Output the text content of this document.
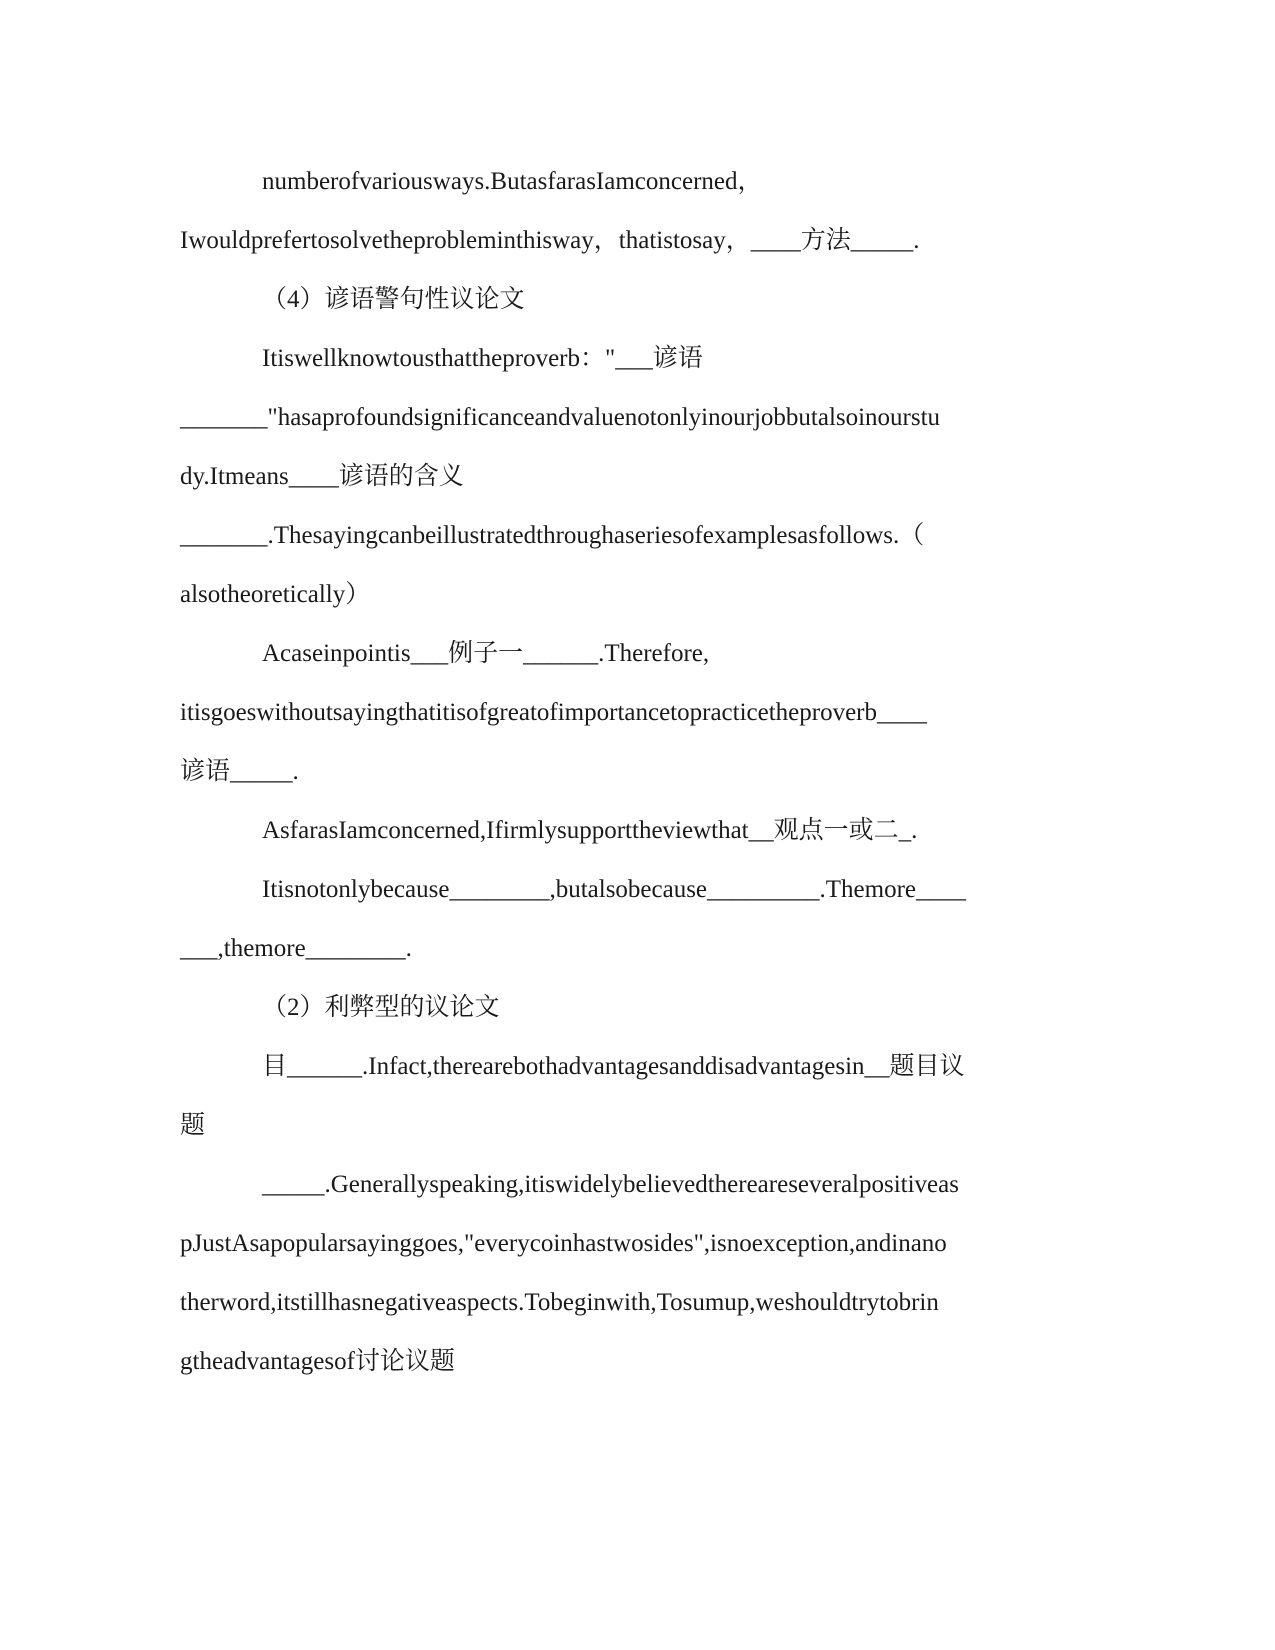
numberofvariousways.ButasfarasIamconcerned，
Iwouldprefertosolvetheprobleminthisway，thatistosay，____方法_____.
（4）谚语警句性议论文
Itiswellknowtousthattheproverb："___谚语
_______"hasaprofoundsignificanceandvaluenotonlyinourjobbutalsoinourstu
dy.Itmeans____谚语的含义
_______.Thesayingcanbeillustratedthroughaseriesofexamplesasfollows.（
alsotheoretically）
Acaseinpointis___例子一______.Therefore,
itisgoeswithoutsayingthatitisofgreatofimportancetopracticetheproverb____
谚语_____.
AsfarasIamconcerned,Ifirmlysupporttheviewthat__观点一或二_.
Itisnotonlybecause________,butalsobecause_________.Themore____
___,themore________.
（2）利弊型的议论文
目______.Infact,therearebothadvantagesanddisadvantagesin__题目议
题
_____.Generallyspeaking,itiswidelybelievedthereareseveralpositiveas
pJustAsapopularsayinggoes,"everycoinhastwosides",isnoexception,andinano
therword,itstillhasnegativeaspects.Tobeginwith,Tosumup,weshouldtrytobrin
gtheadvantagesof讨论议题
